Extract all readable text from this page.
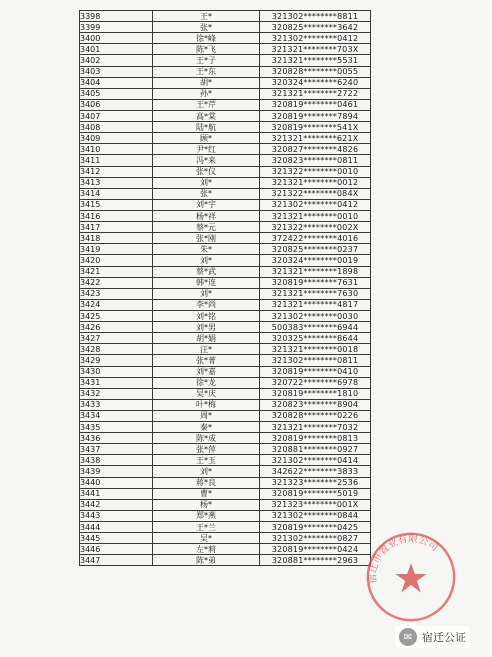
3398	王*	321302********8811
3399	张*	320825********3642
3400	徐*峰	321302********0412
3401	陈*飞	321321********703X
3402	王*子	321321********5531
3403	王*东	320828********0055
3404	胡*	320324********6240
3405	孙*	321321********2722
3406	王*芹	320819********0461
3407	高*棠	320819********7894
3408	陆*航	320819********541X
3409	顾*	321321********621X
3410	尹*红	320827********4826
3411	冯*来	320823********0811
3412	张*仪	321322********0010
3413	刘*	321321********0012
3414	张*	321322********084X
3415	刘*宇	321302********0412
3416	杨*祥	321321********0010
3417	蔡*元	321322********002X
3418	张*刚	372422********4016
3419	朱*	320825********0237
3420	刘*	320324********0019
3421	蔡*武	321321********1898
3422	韩*连	320819********7631
3423	刘*	321321********7630
3424	李*尚	321321********4817
3425	刘*铭	321302********0030
3426	刘*男	500383********6944
3427	胡*娟	320325********8644
3428	汪*	321321********0018
3429	张*菁	321302********0811
3430	刘*嘉	320819********0410
3431	徐*龙	320722********6978
3432	吴*庆	320819********1810
3433	叶*梅	320823********8904
3434	周*	320828********0226
3435	秦*	321321********7032
3436	陈*成	320819********0813
3437	张*萍	320881********0927
3438	王*玉	321302********0414
3439	刘*	342622********3833
3440	蒋*良	321323********2536
3441	曹*	320819********5019
3442	杨*	321323********001X
3443	郑*燕	321302********0844
3444	王*兰	320819********0425
3445	吴*	321302********0827
3446	左*莉	320819********0424
3447	陈*弟	320881********2963
宿迁市置业有限公司
✉ 宿迁公证
